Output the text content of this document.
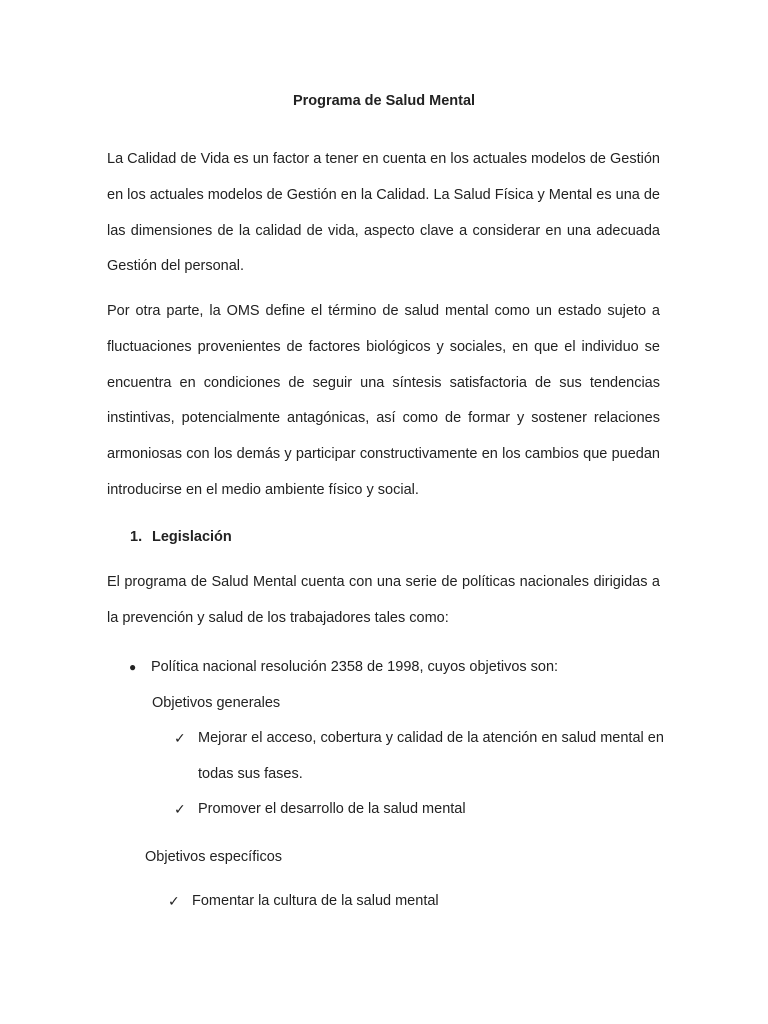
Programa de Salud Mental

La Calidad de Vida es un factor a tener en cuenta en los actuales modelos de Gestión en los actuales modelos de Gestión en la Calidad. La Salud Física y Mental es una de las dimensiones de la calidad de vida, aspecto clave a considerar en una adecuada Gestión del personal.

Por otra parte, la OMS define el término de salud mental como un estado sujeto a fluctuaciones provenientes de factores biológicos y sociales, en que el individuo se encuentra en condiciones de seguir una síntesis satisfactoria de sus tendencias instintivas, potencialmente antagónicas, así como de formar y sostener relaciones armoniosas con los demás y participar constructivamente en los cambios que puedan introducirse en el medio ambiente físico y social.

1. Legislación

El programa de Salud Mental cuenta con una serie de políticas nacionales dirigidas a la prevención y salud de los trabajadores tales como:

● Política nacional resolución 2358 de 1998, cuyos objetivos son:
Objetivos generales
✓ Mejorar el acceso, cobertura y calidad de la atención en salud mental en todas sus fases.
✓ Promover el desarrollo de la salud mental
Objetivos específicos
✓ Fomentar la cultura de la salud mental
